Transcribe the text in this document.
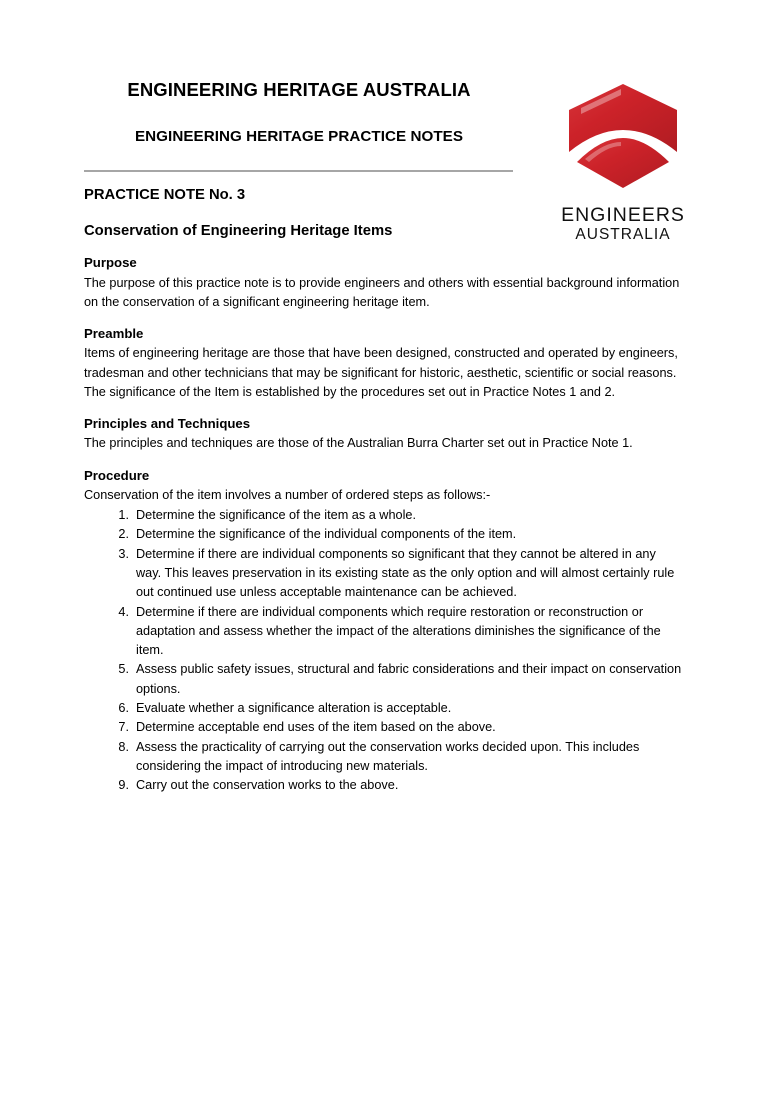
ENGINEERING HERITAGE AUSTRALIA
ENGINEERING HERITAGE PRACTICE NOTES
ENGINEERS
AUSTRALIA
PRACTICE NOTE No. 3
Conservation of Engineering Heritage Items
Purpose

The purpose of this practice note is to provide engineers and others with essential background information on the conservation of a significant engineering heritage item.

Preamble

Items of engineering heritage are those that have been designed, constructed and operated by engineers, tradesman and other technicians that may be significant for historic, aesthetic, scientific or social reasons.

The significance of the Item is established by the procedures set out in Practice Notes 1 and 2.

Principles and Techniques

The principles and techniques are those of the Australian Burra Charter set out in Practice Note 1.

Procedure

Conservation of the item involves a number of ordered steps as follows:-

1. Determine the significance of the item as a whole.
2. Determine the significance of the individual components of the item.
3. Determine if there are individual components so significant that they cannot be altered in any way. This leaves preservation in its existing state as the only option and will almost certainly rule out continued use unless acceptable maintenance can be achieved.
4. Determine if there are individual components which require restoration or reconstruction or adaptation and assess whether the impact of the alterations diminishes the significance of the item.
5. Assess public safety issues, structural and fabric considerations and their impact on conservation options.
6. Evaluate whether a significance alteration is acceptable.
7. Determine acceptable end uses of the item based on the above.
8. Assess the practicality of carrying out the conservation works decided upon. This includes considering the impact of introducing new materials.
9. Carry out the conservation works to the above.
